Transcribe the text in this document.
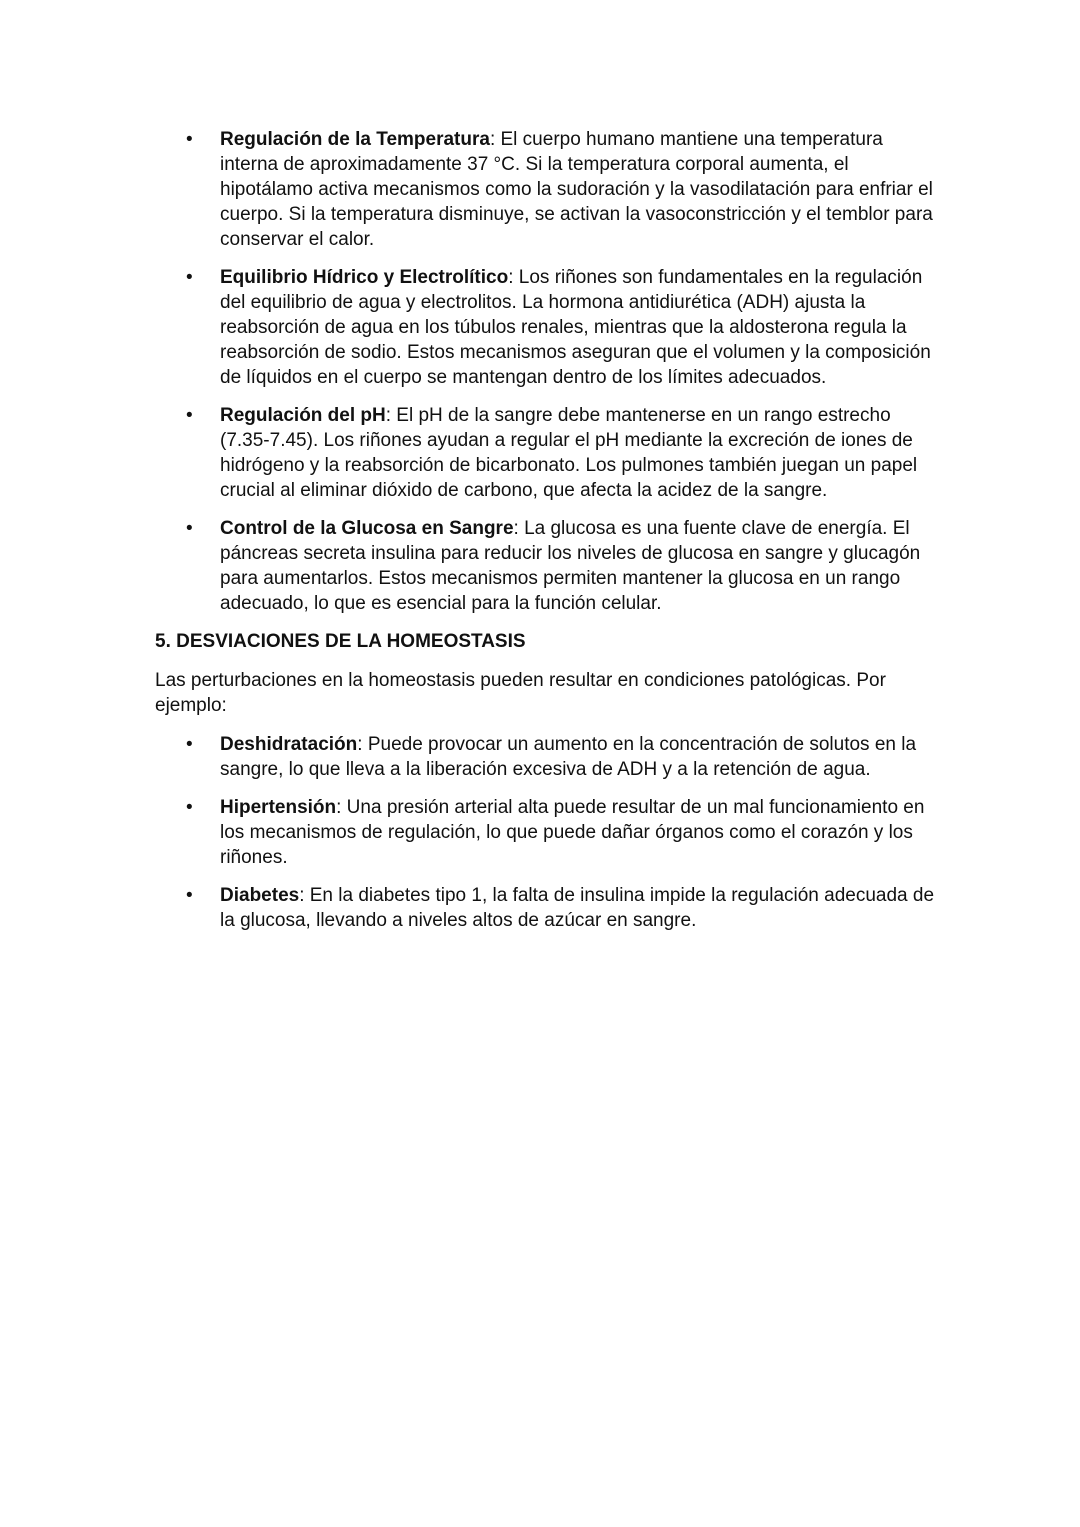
• Regulación de la Temperatura: El cuerpo humano mantiene una temperatura interna de aproximadamente 37 °C. Si la temperatura corporal aumenta, el hipotálamo activa mecanismos como la sudoración y la vasodilatación para enfriar el cuerpo. Si la temperatura disminuye, se activan la vasoconstricción y el temblor para conservar el calor.
• Equilibrio Hídrico y Electrolítico: Los riñones son fundamentales en la regulación del equilibrio de agua y electrolitos. La hormona antidiurética (ADH) ajusta la reabsorción de agua en los túbulos renales, mientras que la aldosterona regula la reabsorción de sodio. Estos mecanismos aseguran que el volumen y la composición de líquidos en el cuerpo se mantengan dentro de los límites adecuados.
• Regulación del pH: El pH de la sangre debe mantenerse en un rango estrecho (7.35-7.45). Los riñones ayudan a regular el pH mediante la excreción de iones de hidrógeno y la reabsorción de bicarbonato. Los pulmones también juegan un papel crucial al eliminar dióxido de carbono, que afecta la acidez de la sangre.
• Control de la Glucosa en Sangre: La glucosa es una fuente clave de energía. El páncreas secreta insulina para reducir los niveles de glucosa en sangre y glucagón para aumentarlos. Estos mecanismos permiten mantener la glucosa en un rango adecuado, lo que es esencial para la función celular.
5. DESVIACIONES DE LA HOMEOSTASIS

Las perturbaciones en la homeostasis pueden resultar en condiciones patológicas. Por ejemplo:

• Deshidratación: Puede provocar un aumento en la concentración de solutos en la sangre, lo que lleva a la liberación excesiva de ADH y a la retención de agua.
• Hipertensión: Una presión arterial alta puede resultar de un mal funcionamiento en los mecanismos de regulación, lo que puede dañar órganos como el corazón y los riñones.
• Diabetes: En la diabetes tipo 1, la falta de insulina impide la regulación adecuada de la glucosa, llevando a niveles altos de azúcar en sangre.
